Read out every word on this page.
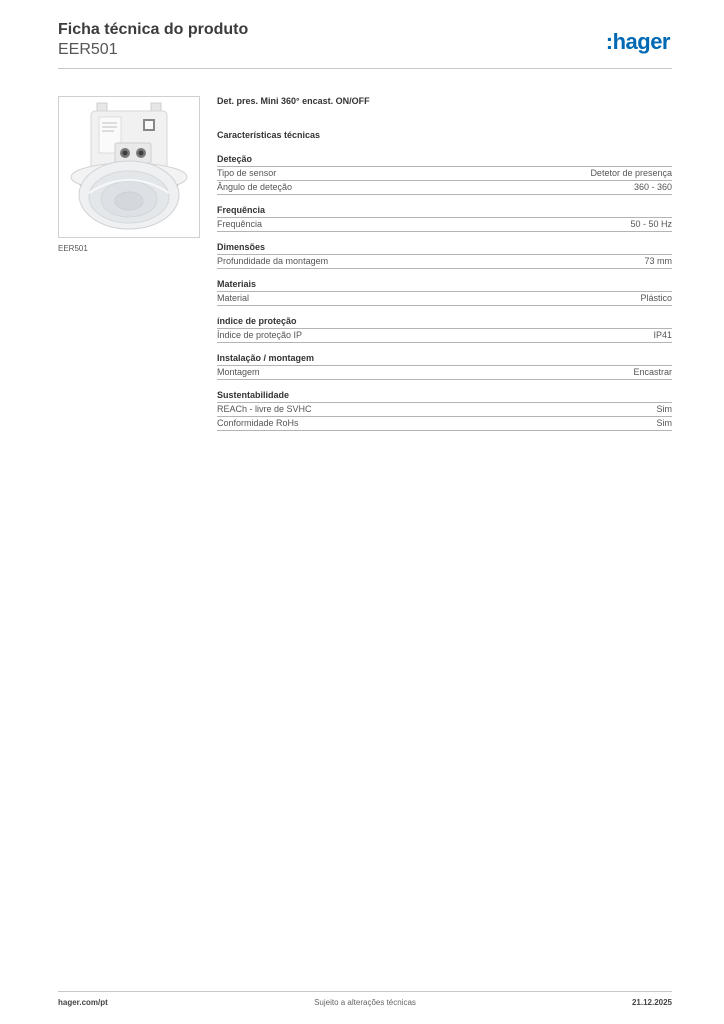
Ficha técnica do produto
EER501	:hager
EER501
Det. pres. Mini 360° encast. ON/OFF
Características técnicas
Deteção
Tipo de sensor	Detetor de presença
Ângulo de deteção	360 - 360
Frequência
Frequência	50 - 50 Hz
Dimensões
Profundidade da montagem	73 mm
Materiais
Material	Plástico
índice de proteção
Índice de proteção IP	IP41
Instalação / montagem
Montagem	Encastrar
Sustentabilidade
REACh - livre de SVHC	Sim
Conformidade RoHs	Sim
Sujeito a alterações técnicas
hager.com/pt	21.12.2025
